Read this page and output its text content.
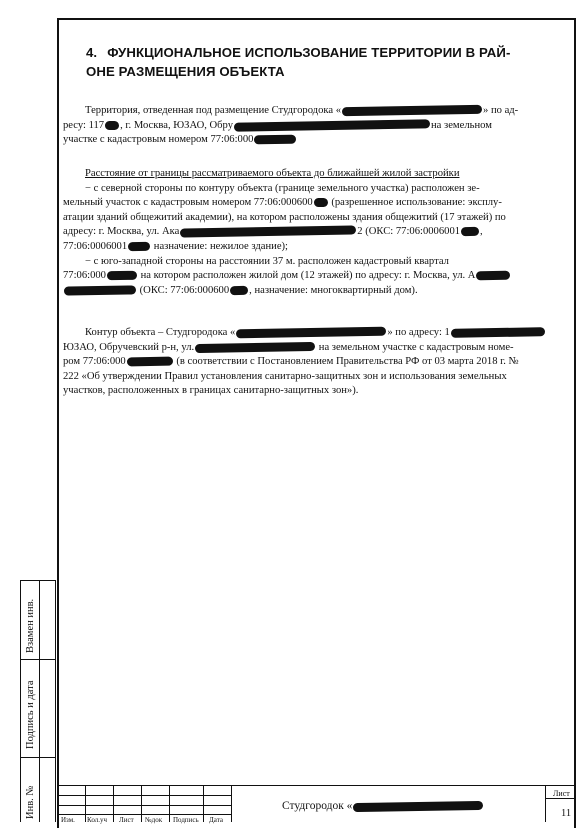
4. ФУНКЦИОНАЛЬНОЕ ИСПОЛЬЗОВАНИЕ ТЕРРИТОРИИ В РАЙ-
ОНЕ РАЗМЕЩЕНИЯ ОБЪЕКТА

Территория, отведенная под размещение Студгородока «	» по ад-

ресу: 117 , г. Москва, ЮЗАО, Обру	на земельном

участке с кадастровым номером 77:06:000

Расстояние от границы рассматриваемого объекта до ближайшей жилой застройки

− с северной стороны по контуру объекта (границе земельного участка) расположен зе-

мельный участок с кадастровым номером 77:06:000600 (разрешенное использование: эксплу-

атации зданий общежитий академии), на котором расположены здания общежитий (17 этажей) по

адресу: г. Москва, ул. Ака	2 (ОКС: 77:06:0006001 ,

77:06:0006001 назначение: нежилое здание);

− с юго-западной стороны на расстоянии 37 м. расположен кадастровый квартал

77:06:000	на котором расположен жилой дом (12 этажей) по адресу: г. Москва, ул. А

(ОКС: 77:06:000600 , назначение: многоквартирный дом).

Контур объекта – Студгородока «	» по адресу: 1

ЮЗАО, Обручевский р-н, ул.	на земельном участке с кадастровым номе-

ром 77:06:000	(в соответствии с Постановлением Правительства РФ от 03 марта 2018 г. №

222 «Об утверждении Правил установления санитарно-защитных зон и использования земельных

участков, расположенных в границах санитарно-защитных зон»).

Взамен инв.
Подпись и дата
Инв. №
Изм. Кол.уч Лист №док Подпись Дата
Студгородок «
Лист
11
